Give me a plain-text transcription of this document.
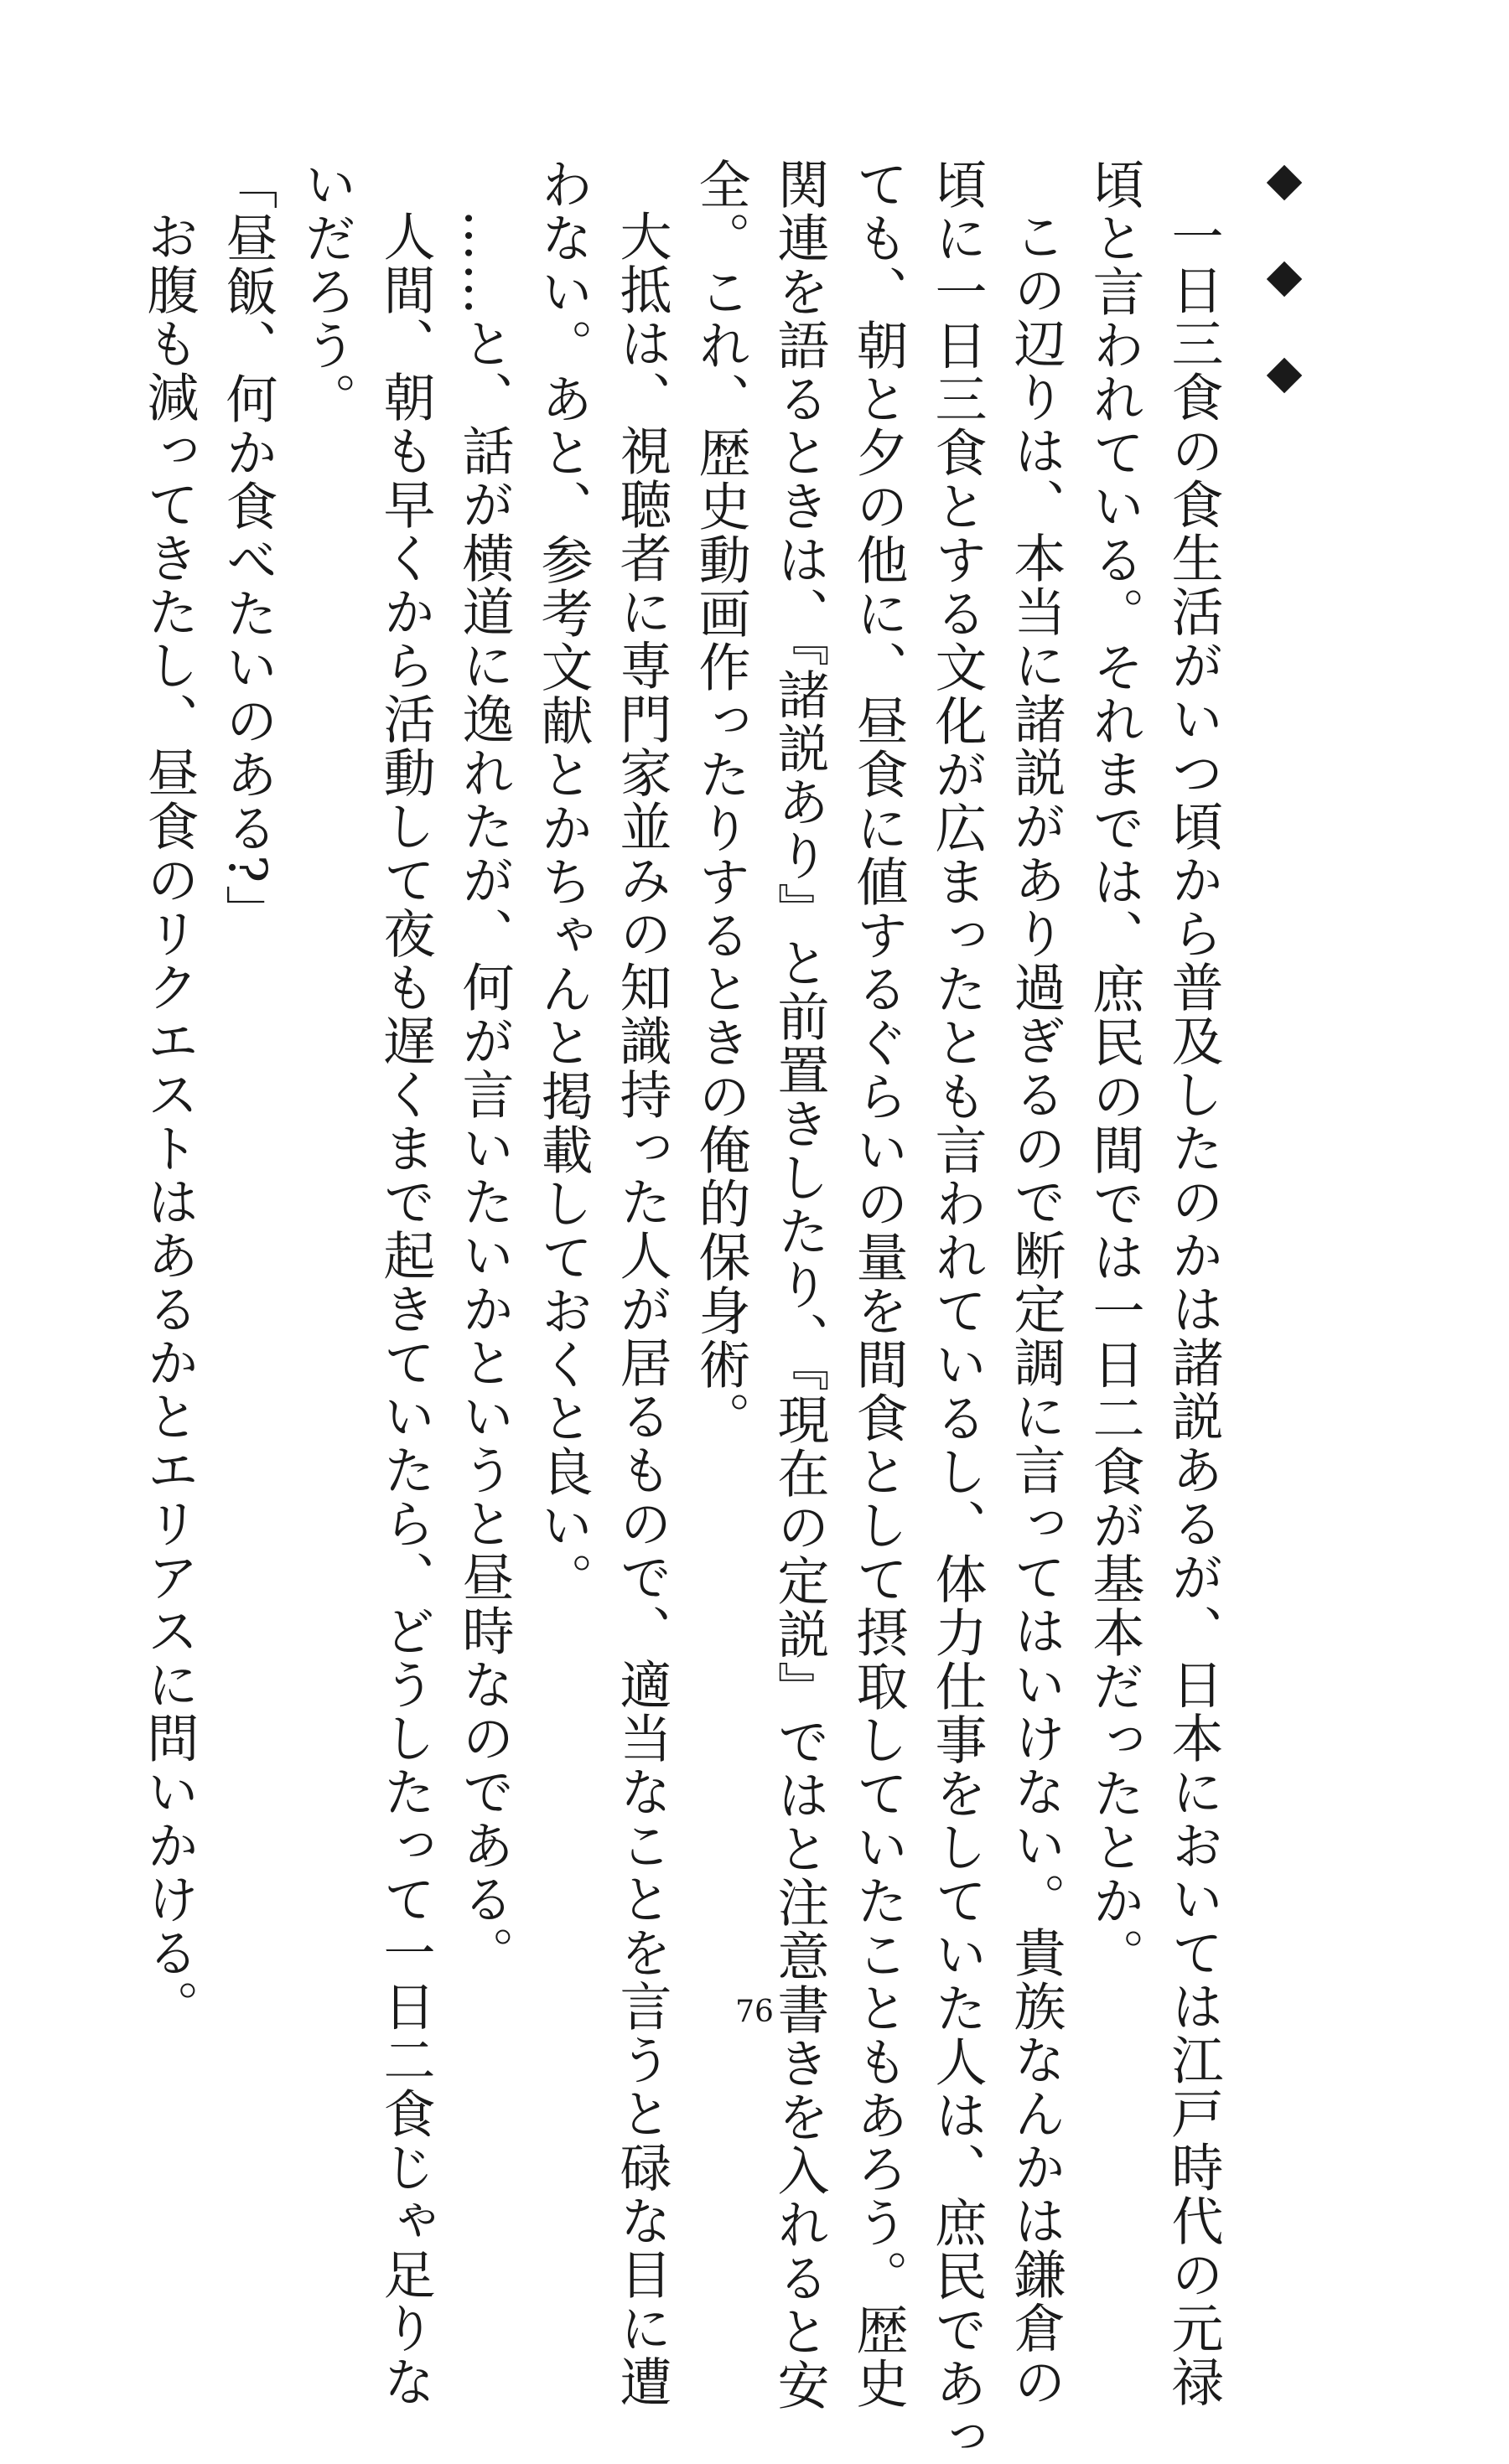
一日三食の食生活がいつ頃から普及したのかは諸説あるが、日本においては江戸時代の元禄

頃と言われている。それまでは、庶民の間では一日二食が基本だったとか。

この辺りは、本当に諸説があり過ぎるので断定調に言ってはいけない。貴族なんかは鎌倉の

頃に一日三食とする文化が広まったとも言われているし、体力仕事をしていた人は、庶民であっ

ても、朝と夕の他に、昼食に値するぐらいの量を間食として摂取していたこともあろう。歴史

関連を語るときは、『諸説あり』と前置きしたり、『現在の定説』ではと注意書きを入れると安

全。これ、歴史動画作ったりするときの俺的保身術。

大抵は、視聴者に専門家並みの知識持った人が居るもので、適当なことを言うと碌な目に遭

わない。あと、参考文献とかちゃんと掲載しておくと良い。

……と、話が横道に逸れたが、何が言いたいかというと昼時なのである。

人間、朝も早くから活動して夜も遅くまで起きていたら、どうしたって一日二食じゃ足りな

いだろう。

「昼飯、何か食べたいのある?」

お腹も減ってきたし、昼食のリクエストはあるかとエリアスに問いかける。	76
